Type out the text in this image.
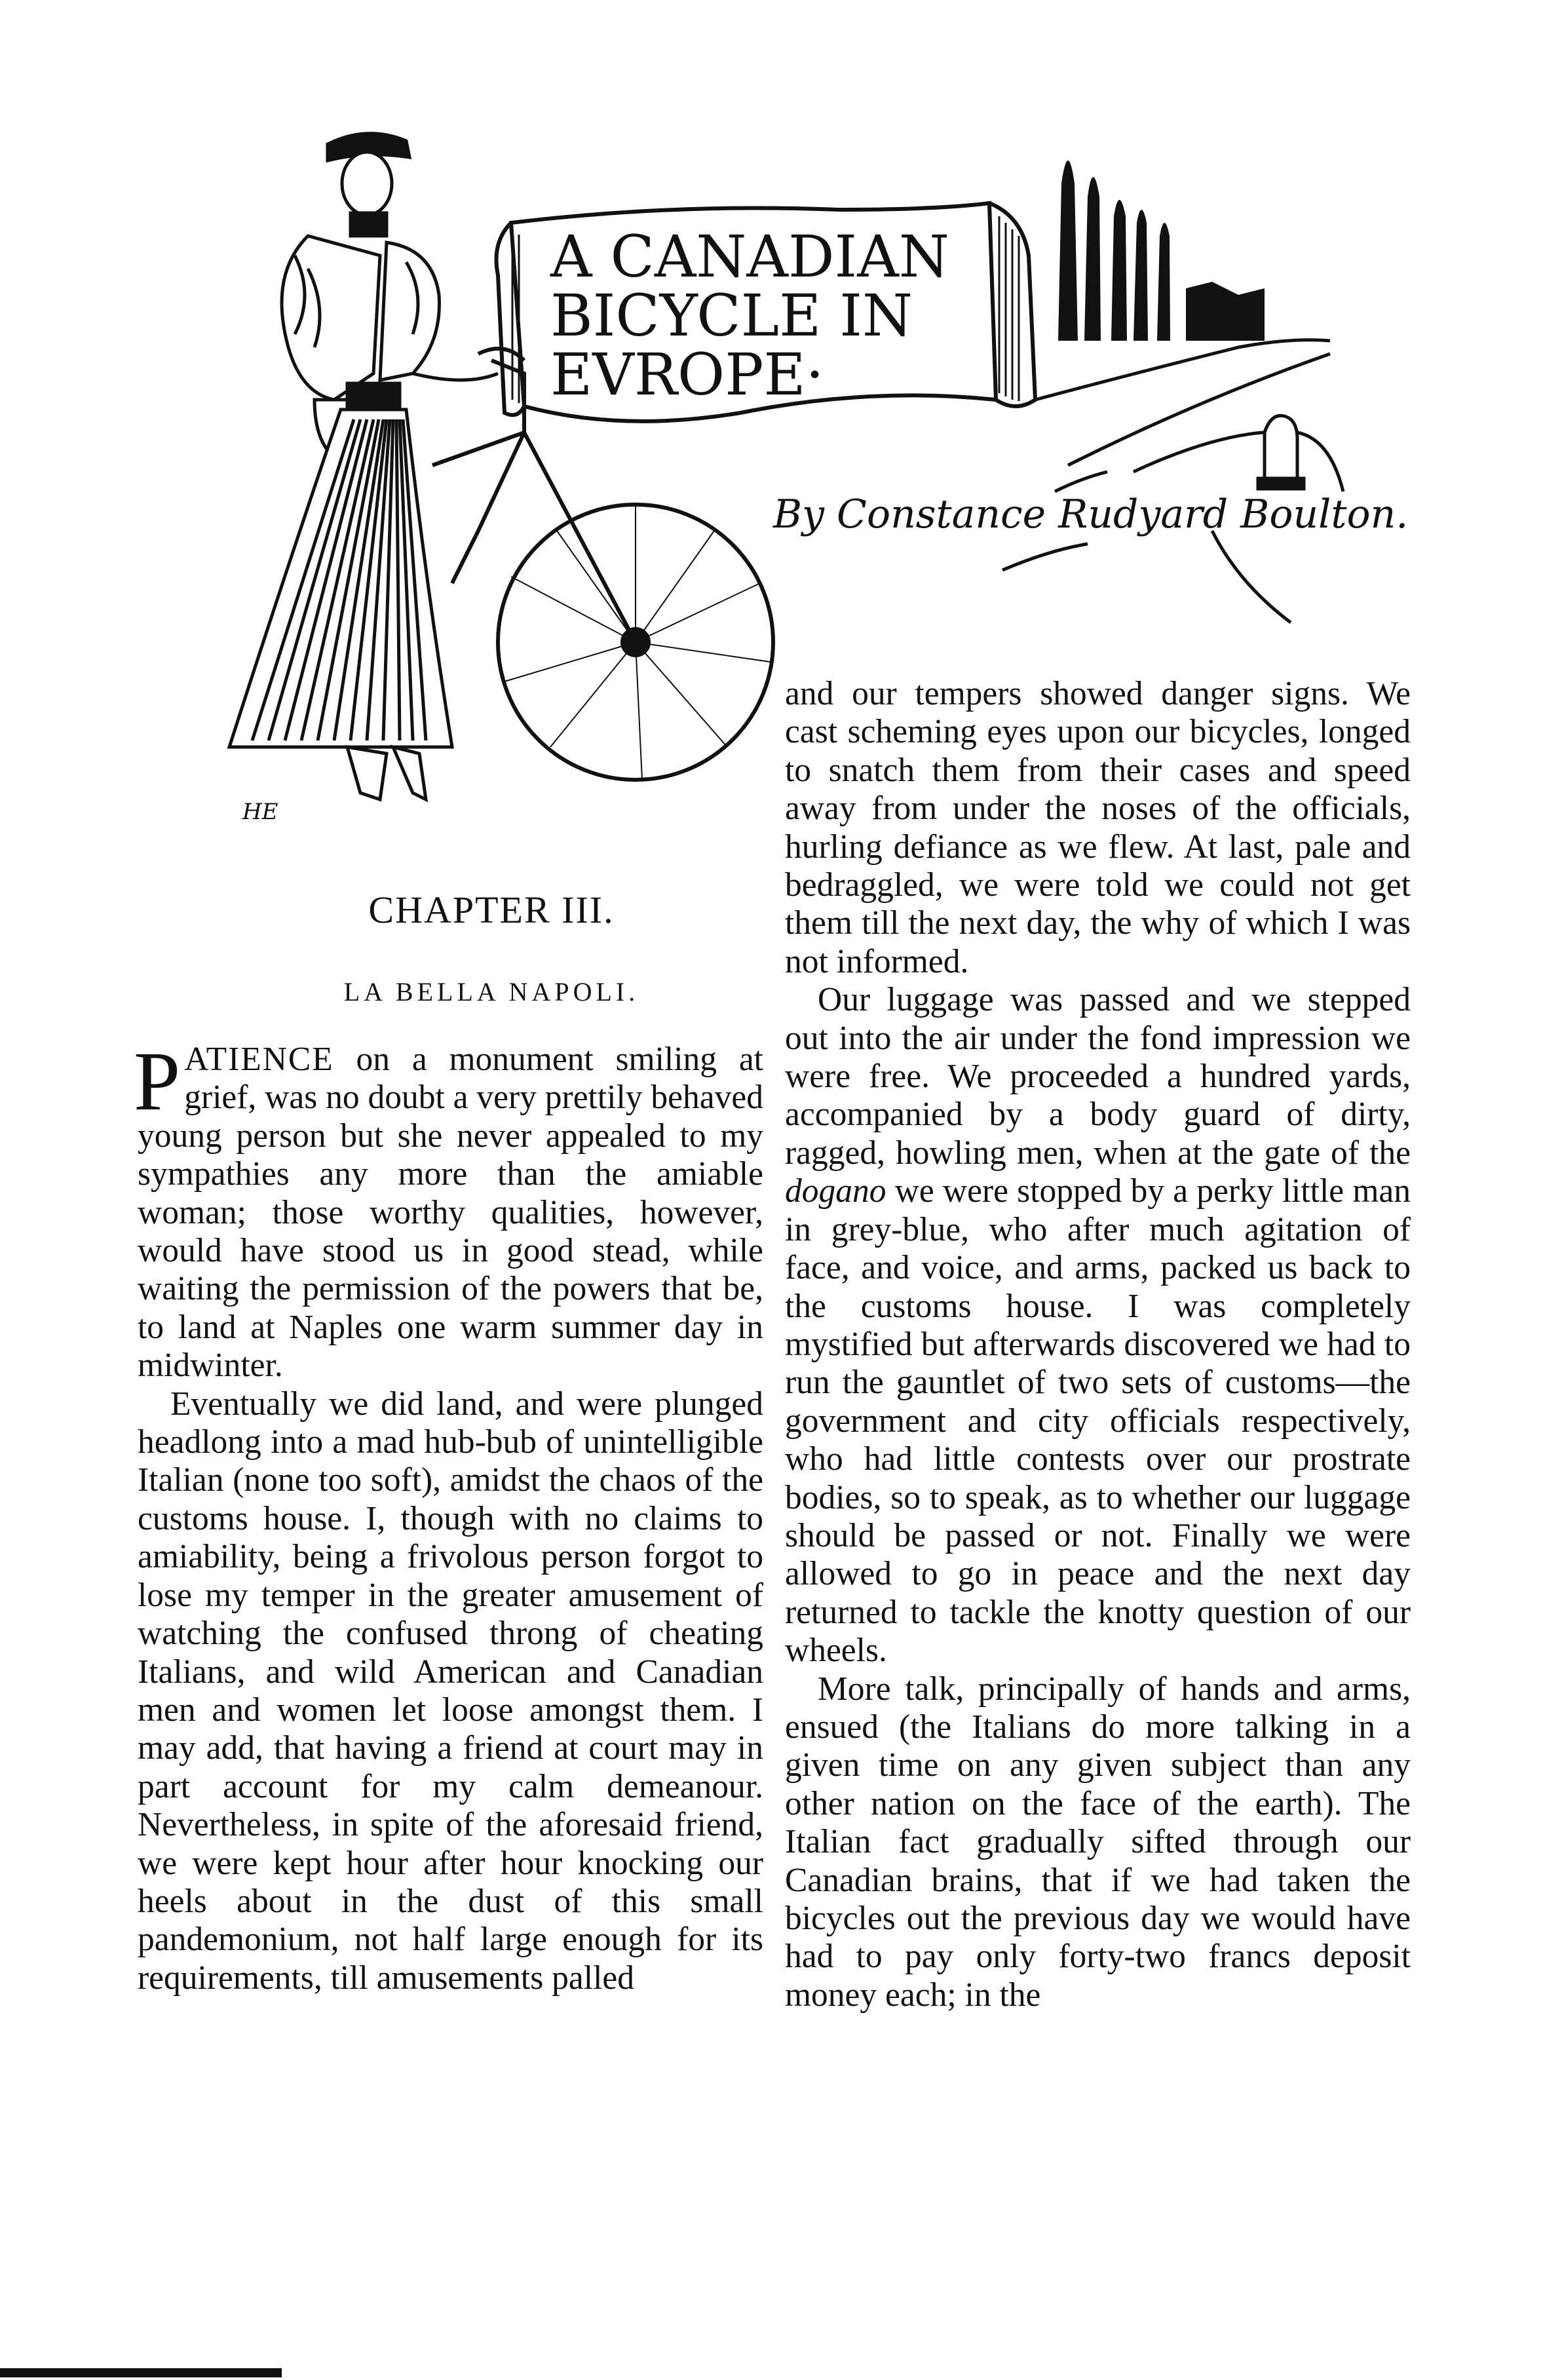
A CANADIAN
BICYCLE IN
EVROPE·
By Constance Rudyard Boulton.
HE
CHAPTER III.
LA BELLA NAPOLI.

PATIENCE on a monument smiling at grief, was no doubt a very prettily behaved young person but she never appealed to my sympathies any more than the amiable woman; those worthy qualities, however, would have stood us in good stead, while waiting the permission of the powers that be, to land at Naples one warm summer day in midwinter.

Eventually we did land, and were plunged headlong into a mad hub-bub of unintelligible Italian (none too soft), amidst the chaos of the customs house. I, though with no claims to amiability, being a frivolous person forgot to lose my temper in the greater amusement of watching the confused throng of cheating Italians, and wild American and Canadian men and women let loose amongst them. I may add, that having a friend at court may in part account for my calm demeanour. Nevertheless, in spite of the aforesaid friend, we were kept hour after hour knocking our heels about in the dust of this small pandemonium, not half large enough for its requirements, till amusements palled

and our tempers showed danger signs. We cast scheming eyes upon our bicycles, longed to snatch them from their cases and speed away from under the noses of the officials, hurling defiance as we flew. At last, pale and bedraggled, we were told we could not get them till the next day, the why of which I was not informed.

Our luggage was passed and we stepped out into the air under the fond impression we were free. We proceeded a hundred yards, accompanied by a body guard of dirty, ragged, howling men, when at the gate of the dogano we were stopped by a perky little man in grey-blue, who after much agitation of face, and voice, and arms, packed us back to the customs house. I was completely mystified but afterwards discovered we had to run the gauntlet of two sets of customs—the government and city officials respectively, who had little contests over our prostrate bodies, so to speak, as to whether our luggage should be passed or not. Finally we were allowed to go in peace and the next day returned to tackle the knotty question of our wheels.

More talk, principally of hands and arms, ensued (the Italians do more talking in a given time on any given subject than any other nation on the face of the earth). The Italian fact gradually sifted through our Canadian brains, that if we had taken the bicycles out the previous day we would have had to pay only forty-two francs deposit money each; in the
